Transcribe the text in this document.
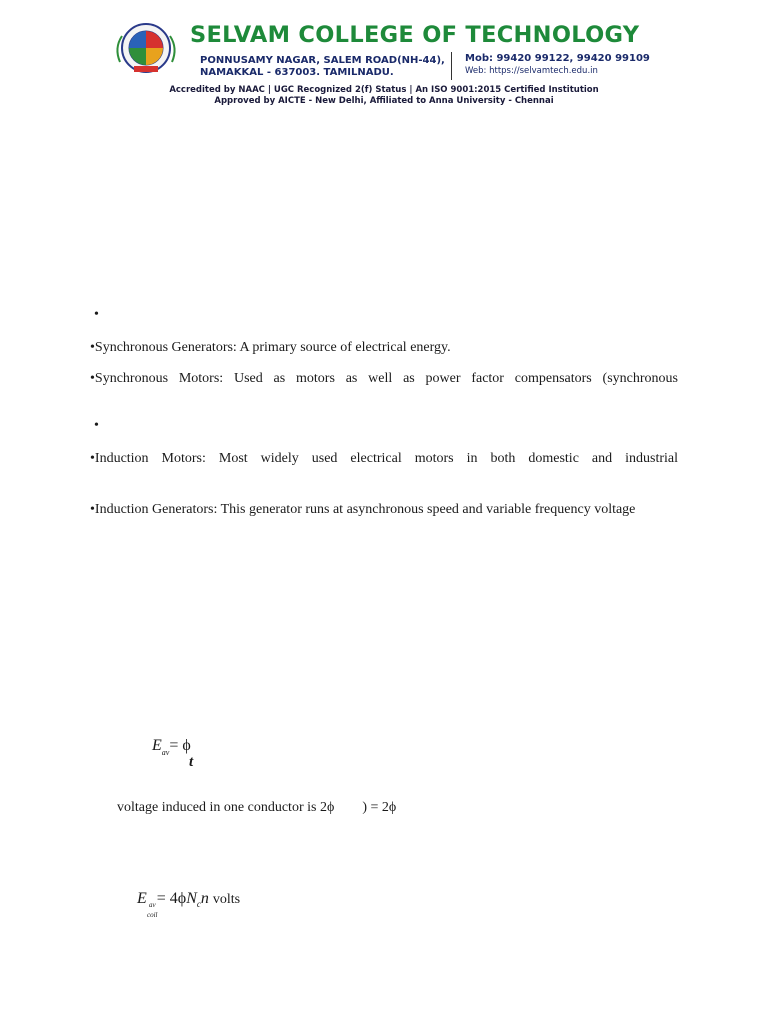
SELVAM COLLEGE OF TECHNOLOGY
PONNUSAMY NAGAR, SALEM ROAD(NH-44),
NAMAKKAL - 637003. TAMILNADU.
Mob: 99420 99122, 99420 99109
Web: https://selvamtech.edu.in
Accredited by NAAC | UGC Recognized 2(f) Status | An ISO 9001:2015 Certified Institution
Approved by AICTE - New Delhi, Affiliated to Anna University - Chennai
•
•Synchronous Generators: A primary source of electrical energy.
•Synchronous Motors: Used as motors as well as power factor compensators (synchronous
•
•Induction Motors: Most widely used electrical motors in both domestic and industrial
•Induction Generators: This generator runs at asynchronous speed and variable frequency voltage
$E_{av}= \phi$
t
voltage induced in one conductor is 2ϕ        ) = 2ϕ
E av
coil
= $4\phi N_cn$ volts
